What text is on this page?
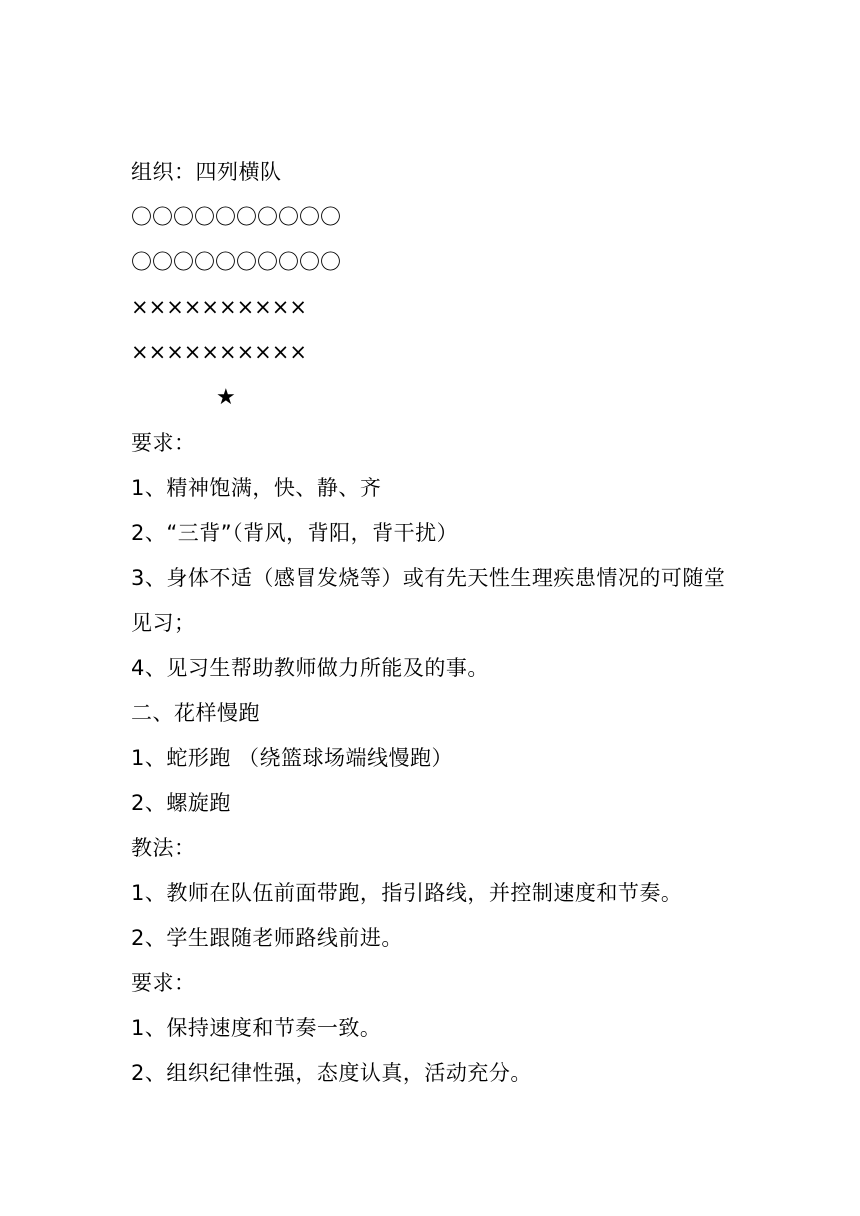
组织：四列横队
〇〇〇〇〇〇〇〇〇〇
〇〇〇〇〇〇〇〇〇〇
××××××××××
××××××××××
★
要求：
1、精神饱满，快、静、齐
2、“三背”（背风，背阳，背干扰）
3、身体不适（感冒发烧等）或有先天性生理疾患情况的可随堂
见习；
4、见习生帮助教师做力所能及的事。
二、花样慢跑
1、蛇形跑 （绕篮球场端线慢跑）
2、螺旋跑
教法：
1、教师在队伍前面带跑，指引路线，并控制速度和节奏。
2、学生跟随老师路线前进。
要求：
1、保持速度和节奏一致。
2、组织纪律性强，态度认真，活动充分。
